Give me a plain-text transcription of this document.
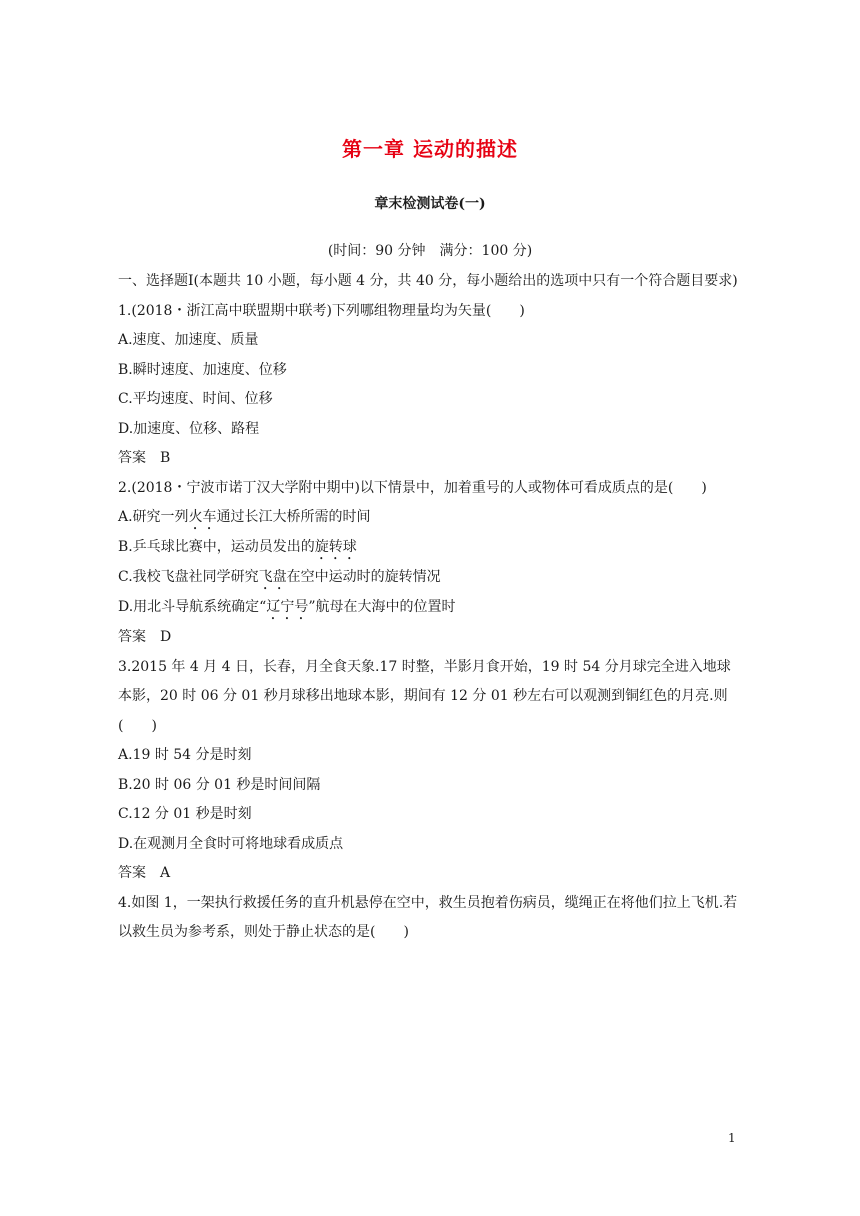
第一章 运动的描述
章末检测试卷(一)
(时间：90 分钟　满分：100 分)

一、选择题Ⅰ(本题共 10 小题，每小题 4 分，共 40 分，每小题给出的选项中只有一个符合题目要求)

1.(2018・浙江高中联盟期中联考)下列哪组物理量均为矢量(　　)

A.速度、加速度、质量

B.瞬时速度、加速度、位移

C.平均速度、时间、位移

D.加速度、位移、路程

答案　B

2.(2018・宁波市诺丁汉大学附中期中)以下情景中，加着重号的人或物体可看成质点的是(　　)

A.研究一列火车通过长江大桥所需的时间

B.乒乓球比赛中，运动员发出的旋转球

C.我校飞盘社同学研究飞盘在空中运动时的旋转情况

D.用北斗导航系统确定“辽宁号”航母在大海中的位置时

答案　D

3.2015 年 4 月 4 日，长春，月全食天象.17 时整，半影月食开始，19 时 54 分月球完全进入地球本影，20 时 06 分 01 秒月球移出地球本影，期间有 12 分 01 秒左右可以观测到铜红色的月亮.则(　　)

A.19 时 54 分是时刻

B.20 时 06 分 01 秒是时间间隔

C.12 分 01 秒是时刻

D.在观测月全食时可将地球看成质点

答案　A

4.如图 1，一架执行救援任务的直升机悬停在空中，救生员抱着伤病员，缆绳正在将他们拉上飞机.若以救生员为参考系，则处于静止状态的是(　　)

1
